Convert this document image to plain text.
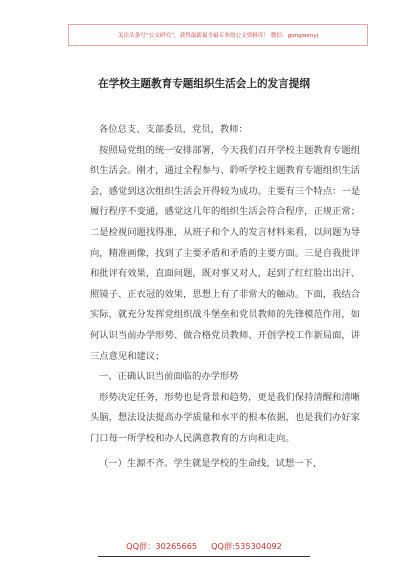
关注头条号“公文研究”，获得最新最全最专业的公文资料库！ 微信：gongwenyj
在学校主题教育专题组织生活会上的发言提纲

各位总支、支部委员，党员，教师：

按照局党组的统一安排部署，今天我们召开学校主题教育专题组织生活会。刚才，通过全程参与、聆听学校主题教育专题组织生活会，感觉到这次组织生活会开得较为成功。主要有三个特点：一是履行程序不变通，感觉这几年的组织生活会符合程序，正规正常；二是检视问题找得准，从班子和个人的发言材料来看，以问题为导向，精准画像，找到了主要矛盾和矛盾的主要方面。三是自我批评和批评有效果，直面问题，既对事又对人，起到了红红脸出出汗、照镜子、正衣冠的效果，思想上有了非常大的触动。下面，我结合实际，就充分发挥党组织战斗堡垒和党员教师的先锋模范作用，如何认识当前办学形势、做合格党员教师、开创学校工作新局面，讲三点意见和建议；

一、正确认识当前面临的办学形势

形势决定任务，形势也是背景和趋势，更是我们保持清醒和清晰头脑，想法设法提高办学质量和水平的根本依据，也是我们办好家门口每一所学校和办人民满意教育的方向和走向。

（一）生源不齐。学生就是学校的生命线，试想一下，

QQ群：30265665 QQ群:535304092
